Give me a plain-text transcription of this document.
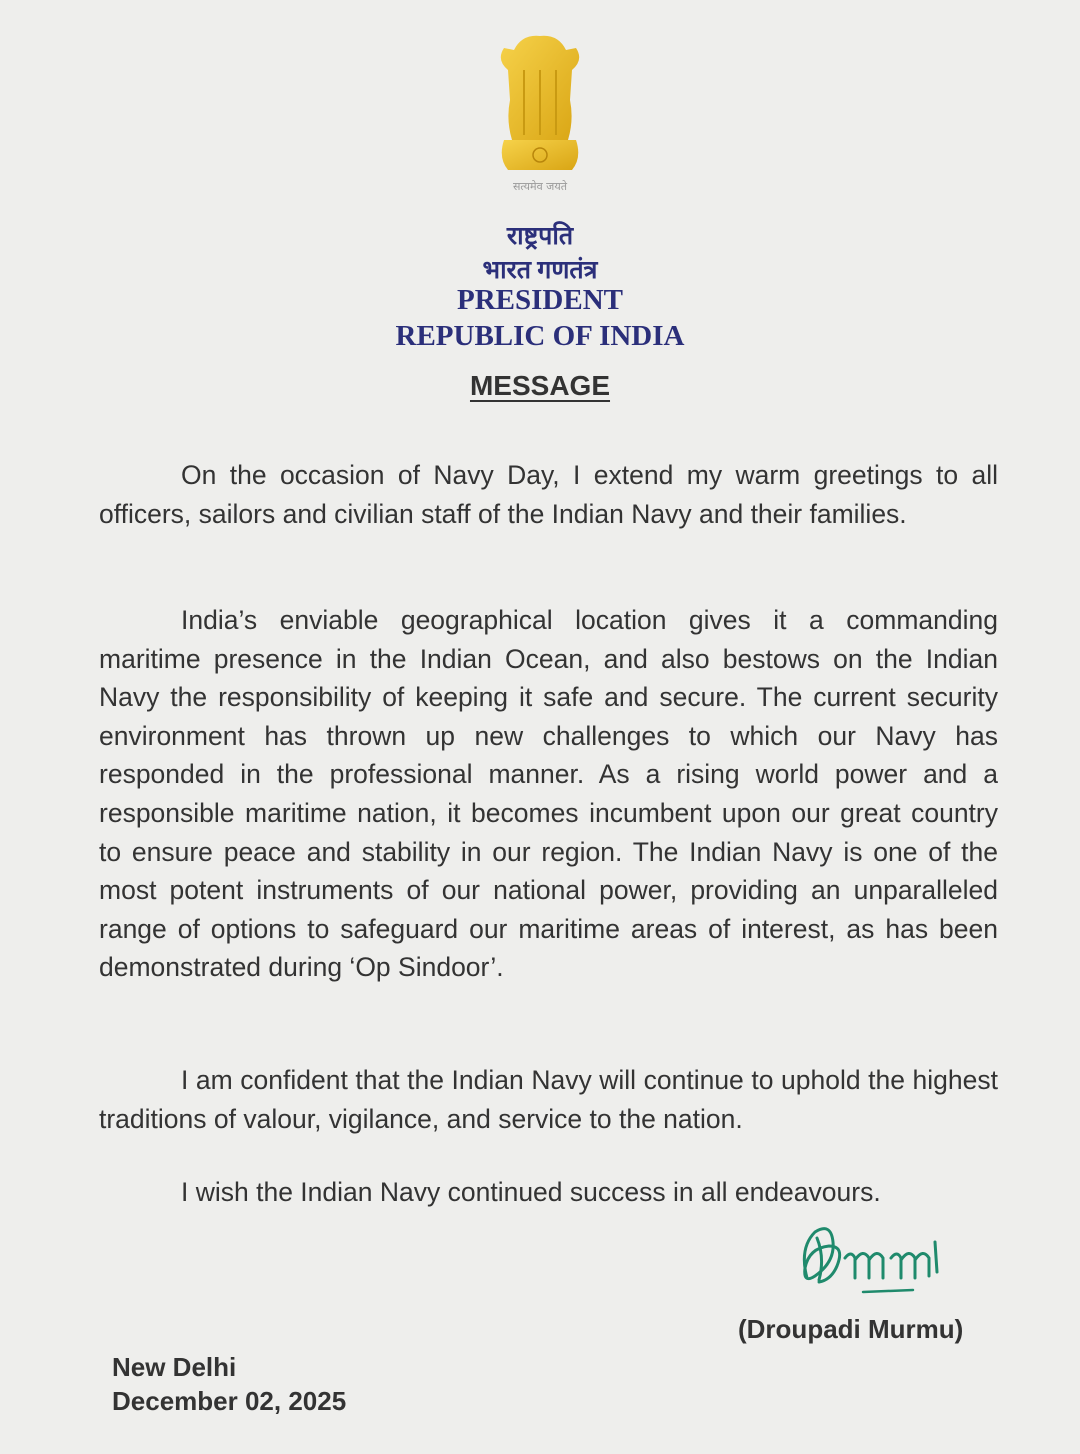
सत्यमेव जयते
राष्ट्रपति
भारत गणतंत्र
PRESIDENT
REPUBLIC OF INDIA
MESSAGE

On the occasion of Navy Day, I extend my warm greetings to all officers, sailors and civilian staff of the Indian Navy and their families.

India’s enviable geographical location gives it a commanding maritime presence in the Indian Ocean, and also bestows on the Indian Navy the responsibility of keeping it safe and secure. The current security environment has thrown up new challenges to which our Navy has responded in the professional manner. As a rising world power and a responsible maritime nation, it becomes incumbent upon our great country to ensure peace and stability in our region. The Indian Navy is one of the most potent instruments of our national power, providing an unparalleled range of options to safeguard our maritime areas of interest, as has been demonstrated during ‘Op Sindoor’.

I am confident that the Indian Navy will continue to uphold the highest traditions of valour, vigilance, and service to the nation.

I wish the Indian Navy continued success in all endeavours.

(Droupadi Murmu)
New Delhi
December 02, 2025
